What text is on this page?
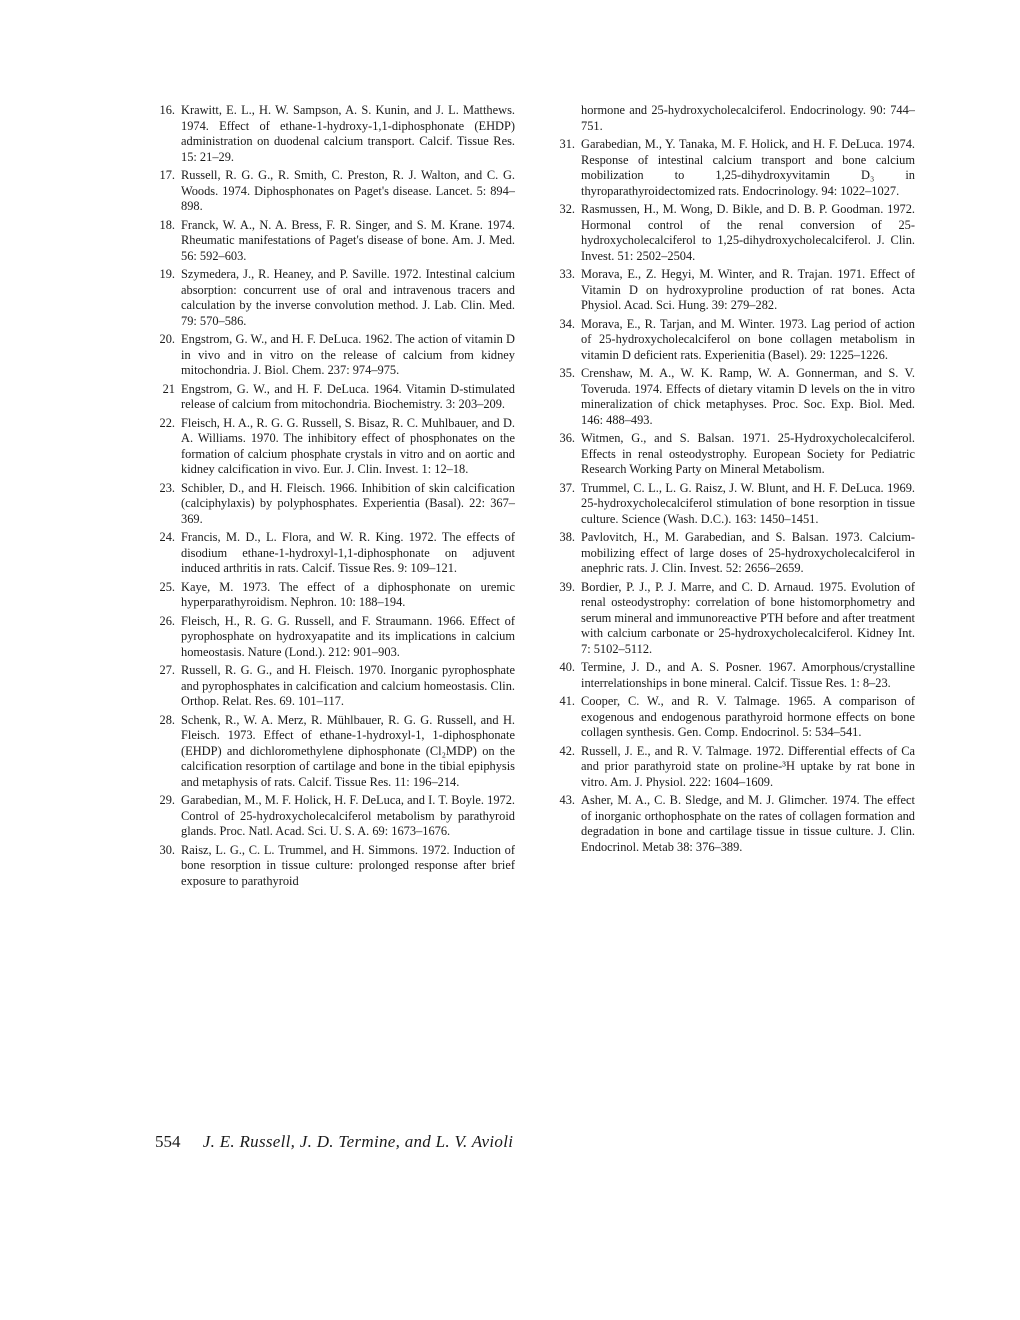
16. Krawitt, E. L., H. W. Sampson, A. S. Kunin, and J. L. Matthews. 1974. Effect of ethane-1-hydroxy-1,1-diphosphonate (EHDP) administration on duodenal calcium transport. Calcif. Tissue Res. 15: 21–29.
17. Russell, R. G. G., R. Smith, C. Preston, R. J. Walton, and C. G. Woods. 1974. Diphosphonates on Paget's disease. Lancet. 5: 894–898.
18. Franck, W. A., N. A. Bress, F. R. Singer, and S. M. Krane. 1974. Rheumatic manifestations of Paget's disease of bone. Am. J. Med. 56: 592–603.
19. Szymedera, J., R. Heaney, and P. Saville. 1972. Intestinal calcium absorption: concurrent use of oral and intravenous tracers and calculation by the inverse convolution method. J. Lab. Clin. Med. 79: 570–586.
20. Engstrom, G. W., and H. F. DeLuca. 1962. The action of vitamin D in vivo and in vitro on the release of calcium from kidney mitochondria. J. Biol. Chem. 237: 974–975.
21 Engstrom, G. W., and H. F. DeLuca. 1964. Vitamin D-stimulated release of calcium from mitochondria. Biochemistry. 3: 203–209.
22. Fleisch, H. A., R. G. G. Russell, S. Bisaz, R. C. Muhlbauer, and D. A. Williams. 1970. The inhibitory effect of phosphonates on the formation of calcium phosphate crystals in vitro and on aortic and kidney calcification in vivo. Eur. J. Clin. Invest. 1: 12–18.
23. Schibler, D., and H. Fleisch. 1966. Inhibition of skin calcification (calciphylaxis) by polyphosphates. Experientia (Basal). 22: 367–369.
24. Francis, M. D., L. Flora, and W. R. King. 1972. The effects of disodium ethane-1-hydroxyl-1,1-diphosphonate on adjuvent induced arthritis in rats. Calcif. Tissue Res. 9: 109–121.
25. Kaye, M. 1973. The effect of a diphosphonate on uremic hyperparathyroidism. Nephron. 10: 188–194.
26. Fleisch, H., R. G. G. Russell, and F. Straumann. 1966. Effect of pyrophosphate on hydroxyapatite and its implications in calcium homeostasis. Nature (Lond.). 212: 901–903.
27. Russell, R. G. G., and H. Fleisch. 1970. Inorganic pyrophosphate and pyrophosphates in calcification and calcium homeostasis. Clin. Orthop. Relat. Res. 69. 101–117.
28. Schenk, R., W. A. Merz, R. Mühlbauer, R. G. G. Russell, and H. Fleisch. 1973. Effect of ethane-1-hydroxyl-1, 1-diphosphonate (EHDP) and dichloromethylene diphosphonate (Cl₂MDP) on the calcification resorption of cartilage and bone in the tibial epiphysis and metaphysis of rats. Calcif. Tissue Res. 11: 196–214.
29. Garabedian, M., M. F. Holick, H. F. DeLuca, and I. T. Boyle. 1972. Control of 25-hydroxycholecalciferol metabolism by parathyroid glands. Proc. Natl. Acad. Sci. U. S. A. 69: 1673–1676.
30. Raisz, L. G., C. L. Trummel, and H. Simmons. 1972. Induction of bone resorption in tissue culture: prolonged response after brief exposure to parathyroid
hormone and 25-hydroxycholecalciferol. Endocrinology. 90: 744–751.
31. Garabedian, M., Y. Tanaka, M. F. Holick, and H. F. DeLuca. 1974. Response of intestinal calcium transport and bone calcium mobilization to 1,25-dihydroxyvitamin D₃ in thyroparathyroidectomized rats. Endocrinology. 94: 1022–1027.
32. Rasmussen, H., M. Wong, D. Bikle, and D. B. P. Goodman. 1972. Hormonal control of the renal conversion of 25-hydroxycholecalciferol to 1,25-dihydroxycholecalciferol. J. Clin. Invest. 51: 2502–2504.
33. Morava, E., Z. Hegyi, M. Winter, and R. Trajan. 1971. Effect of Vitamin D on hydroxyproline production of rat bones. Acta Physiol. Acad. Sci. Hung. 39: 279–282.
34. Morava, E., R. Tarjan, and M. Winter. 1973. Lag period of action of 25-hydroxycholecalciferol on bone collagen metabolism in vitamin D deficient rats. Experienitia (Basel). 29: 1225–1226.
35. Crenshaw, M. A., W. K. Ramp, W. A. Gonnerman, and S. V. Toveruda. 1974. Effects of dietary vitamin D levels on the in vitro mineralization of chick metaphyses. Proc. Soc. Exp. Biol. Med. 146: 488–493.
36. Witmen, G., and S. Balsan. 1971. 25-Hydroxycholecalciferol. Effects in renal osteodystrophy. European Society for Pediatric Research Working Party on Mineral Metabolism.
37. Trummel, C. L., L. G. Raisz, J. W. Blunt, and H. F. DeLuca. 1969. 25-hydroxycholecalciferol stimulation of bone resorption in tissue culture. Science (Wash. D.C.). 163: 1450–1451.
38. Pavlovitch, H., M. Garabedian, and S. Balsan. 1973. Calcium-mobilizing effect of large doses of 25-hydroxycholecalciferol in anephric rats. J. Clin. Invest. 52: 2656–2659.
39. Bordier, P. J., P. J. Marre, and C. D. Arnaud. 1975. Evolution of renal osteodystrophy: correlation of bone histomorphometry and serum mineral and immunoreactive PTH before and after treatment with calcium carbonate or 25-hydroxycholecalciferol. Kidney Int. 7: 5102–5112.
40. Termine, J. D., and A. S. Posner. 1967. Amorphous/crystalline interrelationships in bone mineral. Calcif. Tissue Res. 1: 8–23.
41. Cooper, C. W., and R. V. Talmage. 1965. A comparison of exogenous and endogenous parathyroid hormone effects on bone collagen synthesis. Gen. Comp. Endocrinol. 5: 534–541.
42. Russell, J. E., and R. V. Talmage. 1972. Differential effects of Ca and prior parathyroid state on proline-³H uptake by rat bone in vitro. Am. J. Physiol. 222: 1604–1609.
43. Asher, M. A., C. B. Sledge, and M. J. Glimcher. 1974. The effect of inorganic orthophosphate on the rates of collagen formation and degradation in bone and cartilage tissue in tissue culture. J. Clin. Endocrinol. Metab 38: 376–389.
554 J. E. Russell, J. D. Termine, and L. V. Avioli
